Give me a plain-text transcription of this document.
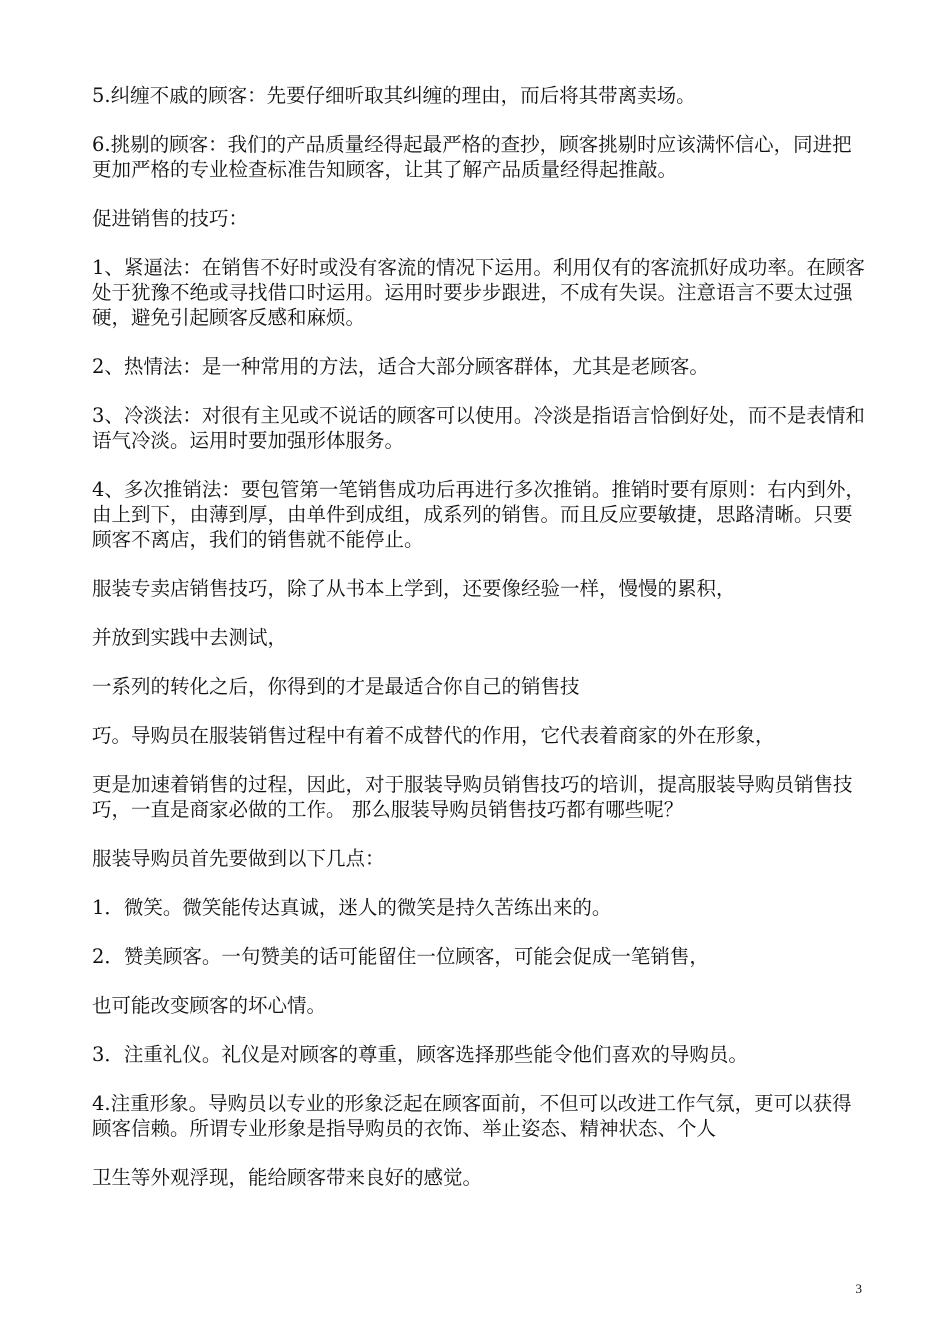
5.纠缠不戚的顾客：先要仔细听取其纠缠的理由，而后将其带离卖场。

6.挑剔的顾客：我们的产品质量经得起最严格的查抄，顾客挑剔时应该满怀信心，同进把更加严格的专业检查标准告知顾客，让其了解产品质量经得起推敲。

促进销售的技巧：

1、紧逼法：在销售不好时或没有客流的情况下运用。利用仅有的客流抓好成功率。在顾客处于犹豫不绝或寻找借口时运用。运用时要步步跟进，不成有失误。注意语言不要太过强硬，避免引起顾客反感和麻烦。

2、热情法：是一种常用的方法，适合大部分顾客群体，尤其是老顾客。

3、冷淡法：对很有主见或不说话的顾客可以使用。冷淡是指语言恰倒好处，而不是表情和语气冷淡。运用时要加强形体服务。

4、多次推销法：要包管第一笔销售成功后再进行多次推销。推销时要有原则：右内到外，由上到下，由薄到厚，由单件到成组，成系列的销售。而且反应要敏捷，思路清晰。只要顾客不离店，我们的销售就不能停止。

服装专卖店销售技巧，除了从书本上学到，还要像经验一样，慢慢的累积，

并放到实践中去测试，

一系列的转化之后，你得到的才是最适合你自己的销售技

巧。导购员在服装销售过程中有着不成替代的作用，它代表着商家的外在形象，

更是加速着销售的过程，因此，对于服装导购员销售技巧的培训，提高服装导购员销售技巧，一直是商家必做的工作。 那么服装导购员销售技巧都有哪些呢？

服装导购员首先要做到以下几点：

1．微笑。微笑能传达真诚，迷人的微笑是持久苦练出来的。

2．赞美顾客。一句赞美的话可能留住一位顾客，可能会促成一笔销售，

也可能改变顾客的坏心情。

3．注重礼仪。礼仪是对顾客的尊重，顾客选择那些能令他们喜欢的导购员。

4.注重形象。导购员以专业的形象泛起在顾客面前，不但可以改进工作气氛，更可以获得顾客信赖。所谓专业形象是指导购员的衣饰、举止姿态、精神状态、个人

卫生等外观浮现，能给顾客带来良好的感觉。

3
